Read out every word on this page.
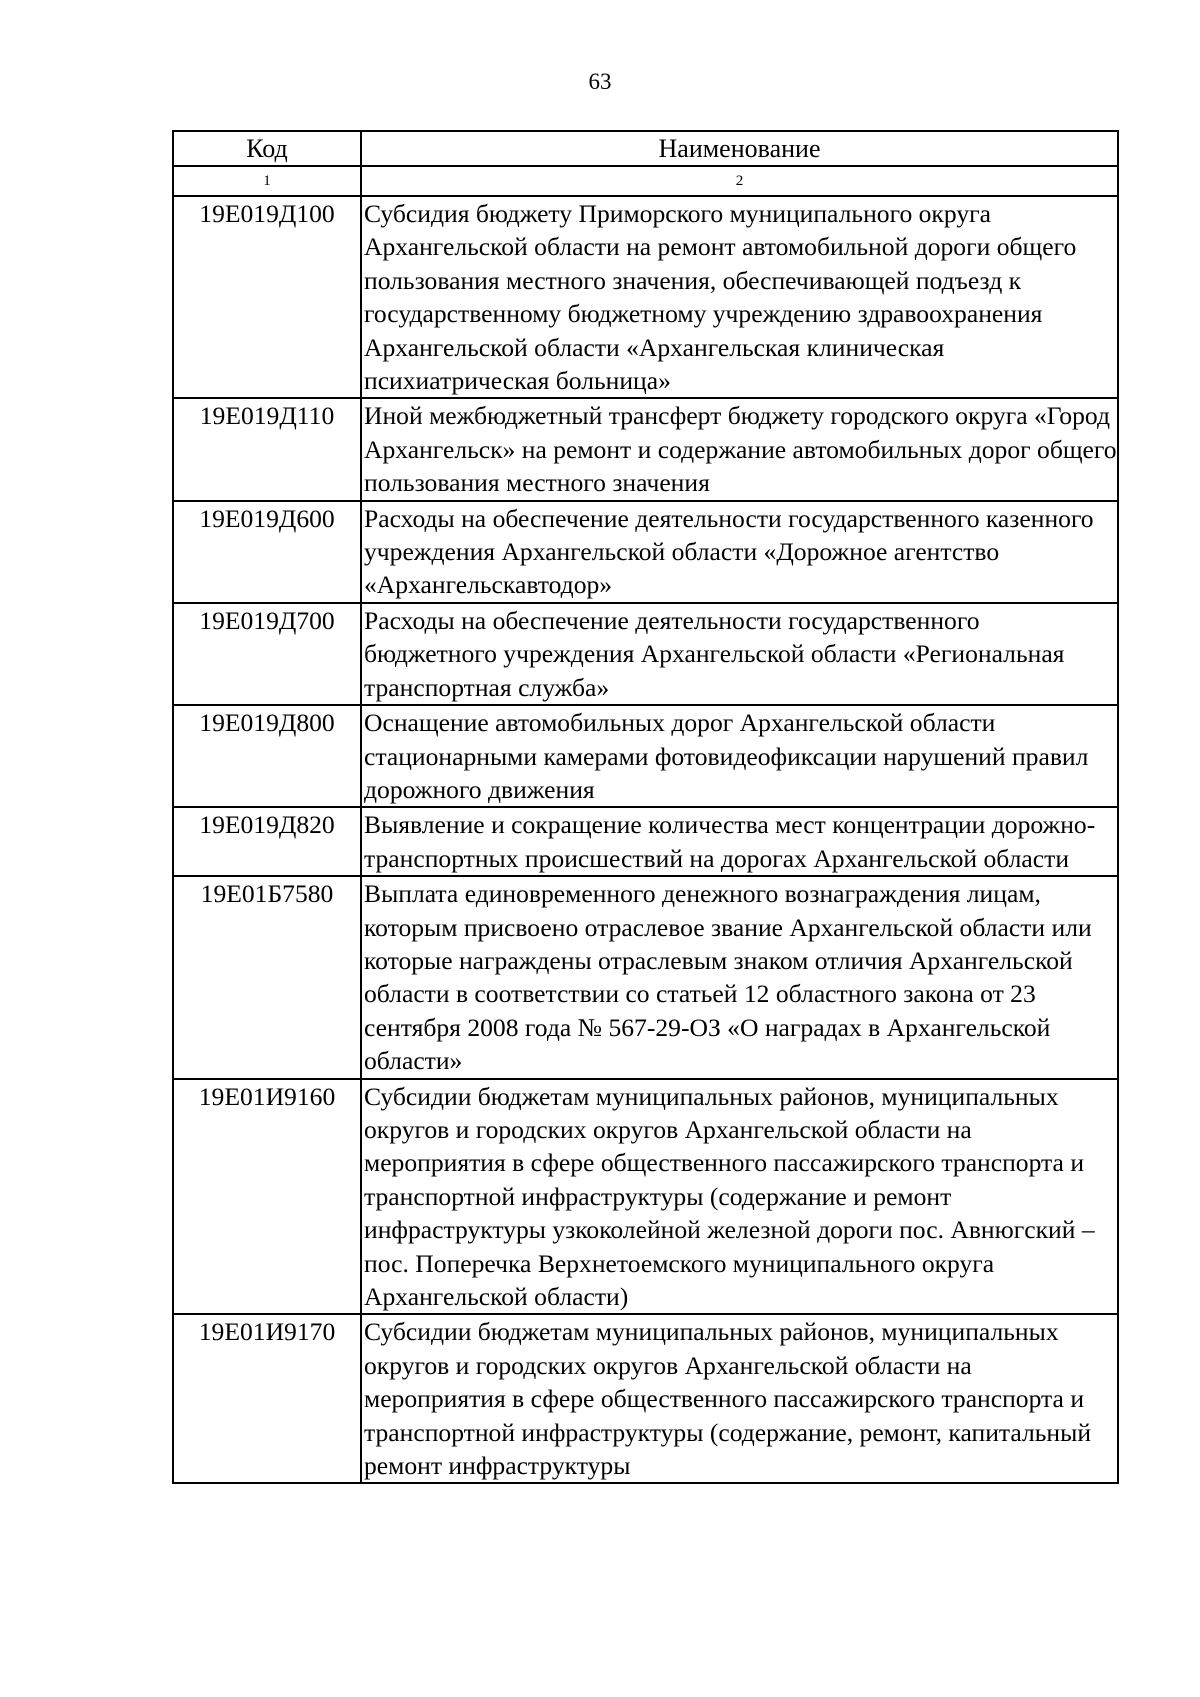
63
Код	Наименование
1	2
19Е019Д100	Субсидия бюджету Приморского муниципального округа Архангельской области на ремонт автомобильной дороги общего пользования местного значения, обеспечивающей подъезд к государственному бюджетному учреждению здравоохранения Архангельской области «Архангельская клиническая психиатрическая больница»
19Е019Д110	Иной межбюджетный трансферт бюджету городского округа «Город Архангельск» на ремонт и содержание автомобильных дорог общего пользования местного значения
19Е019Д600	Расходы на обеспечение деятельности государственного казенного учреждения Архангельской области «Дорожное агентство «Архангельскавтодор»
19Е019Д700	Расходы на обеспечение деятельности государственного бюджетного учреждения Архангельской области «Региональная транспортная служба»
19Е019Д800	Оснащение автомобильных дорог Архангельской области стационарными камерами фотовидеофиксации нарушений правил дорожного движения
19Е019Д820	Выявление и сокращение количества мест концентрации дорожно-транспортных происшествий на дорогах Архангельской области
19Е01Б7580	Выплата единовременного денежного вознаграждения лицам, которым присвоено отраслевое звание Архангельской области или которые награждены отраслевым знаком отличия Архангельской области в соответствии со статьей 12 областного закона от 23 сентября 2008 года № 567-29-ОЗ «О наградах в Архангельской области»
19Е01И9160	Субсидии бюджетам муниципальных районов, муниципальных округов и городских округов Архангельской области на мероприятия в сфере общественного пассажирского транспорта и транспортной инфраструктуры (содержание и ремонт инфраструктуры узкоколейной железной дороги пос. Авнюгский – пос. Поперечка Верхнетоемского муниципального округа Архангельской области)
19Е01И9170	Субсидии бюджетам муниципальных районов, муниципальных округов и городских округов Архангельской области на мероприятия в сфере общественного пассажирского транспорта и транспортной инфраструктуры (содержание, ремонт, капитальный ремонт инфраструктуры
